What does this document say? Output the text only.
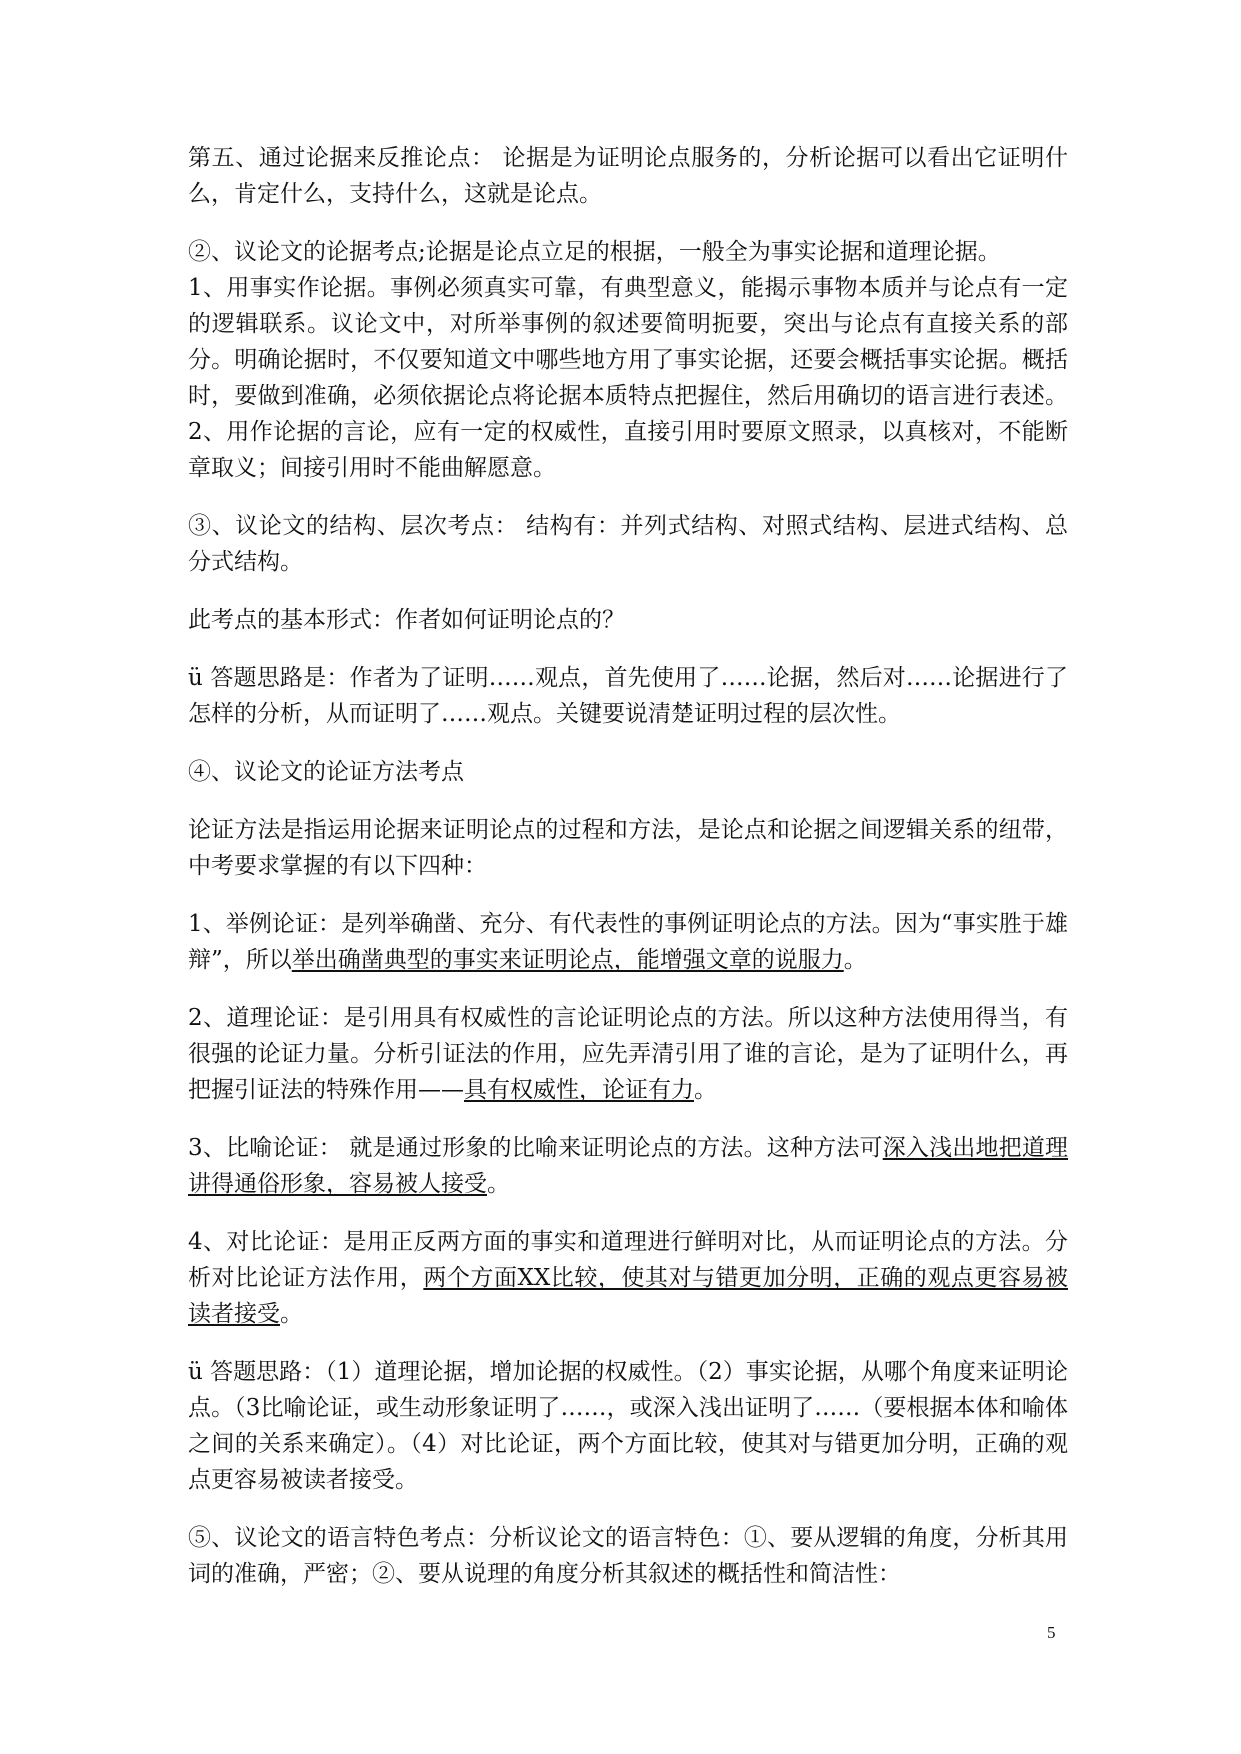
第五、通过论据来反推论点： 论据是为证明论点服务的，分析论据可以看出它证明什么，肯定什么，支持什么，这就是论点。

②、议论文的论据考点;论据是论点立足的根据，一般全为事实论据和道理论据。

1、用事实作论据。事例必须真实可靠，有典型意义，能揭示事物本质并与论点有一定的逻辑联系。议论文中，对所举事例的叙述要简明扼要，突出与论点有直接关系的部分。明确论据时，不仅要知道文中哪些地方用了事实论据，还要会概括事实论据。概括时，要做到准确，必须依据论点将论据本质特点把握住，然后用确切的语言进行表述。 2、用作论据的言论，应有一定的权威性，直接引用时要原文照录，以真核对，不能断章取义；间接引用时不能曲解愿意。

③、议论文的结构、层次考点： 结构有：并列式结构、对照式结构、层进式结构、总分式结构。

此考点的基本形式：作者如何证明论点的？

ü 答题思路是：作者为了证明……观点，首先使用了……论据，然后对……论据进行了怎样的分析，从而证明了……观点。关键要说清楚证明过程的层次性。

④、议论文的论证方法考点

论证方法是指运用论据来证明论点的过程和方法，是论点和论据之间逻辑关系的纽带，中考要求掌握的有以下四种：

1、举例论证：是列举确凿、充分、有代表性的事例证明论点的方法。因为“事实胜于雄辩”，所以举出确凿典型的事实来证明论点，能增强文章的说服力。

2、道理论证：是引用具有权威性的言论证明论点的方法。所以这种方法使用得当，有很强的论证力量。分析引证法的作用，应先弄清引用了谁的言论，是为了证明什么，再把握引证法的特殊作用——具有权威性，论证有力。

3、比喻论证： 就是通过形象的比喻来证明论点的方法。这种方法可深入浅出地把道理讲得通俗形象，容易被人接受。

4、对比论证：是用正反两方面的事实和道理进行鲜明对比，从而证明论点的方法。分析对比论证方法作用，两个方面XX比较，使其对与错更加分明，正确的观点更容易被读者接受。

ü 答题思路：（1）道理论据，增加论据的权威性。（2）事实论据，从哪个角度来证明论点。（3比喻论证，或生动形象证明了……，或深入浅出证明了……（要根据本体和喻体之间的关系来确定）。（4）对比论证，两个方面比较，使其对与错更加分明，正确的观点更容易被读者接受。

⑤、议论文的语言特色考点：分析议论文的语言特色：①、要从逻辑的角度，分析其用词的准确，严密；②、要从说理的角度分析其叙述的概括性和简洁性：

5
